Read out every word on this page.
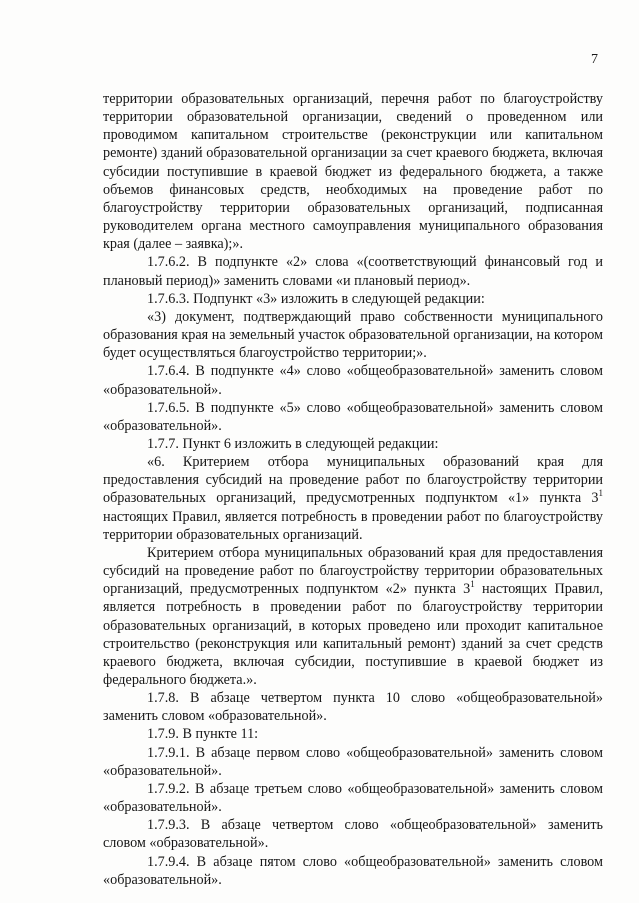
7

территории образовательных организаций, перечня работ по благоустройству территории образовательной организации, сведений о проведенном или проводимом капитальном строительстве (реконструкции или капитальном ремонте) зданий образовательной организации за счет краевого бюджета, включая субсидии поступившие в краевой бюджет из федерального бюджета, а также объемов финансовых средств, необходимых на проведение работ по благоустройству территории образовательных организаций, подписанная руководителем органа местного самоуправления муниципального образования края (далее – заявка);».

1.7.6.2. В подпункте «2» слова «(соответствующий финансовый год и плановый период)» заменить словами «и плановый период».

1.7.6.3. Подпункт «3» изложить в следующей редакции:

«3) документ, подтверждающий право собственности муниципального образования края на земельный участок образовательной организации, на котором будет осуществляться благоустройство территории;».

1.7.6.4. В подпункте «4» слово «общеобразовательной» заменить словом «образовательной».

1.7.6.5. В подпункте «5» слово «общеобразовательной» заменить словом «образовательной».

1.7.7. Пункт 6 изложить в следующей редакции:

«6. Критерием отбора муниципальных образований края для предоставления субсидий на проведение работ по благоустройству территории образовательных организаций, предусмотренных подпунктом «1» пункта $3^1$ настоящих Правил, является потребность в проведении работ по благоустройству территории образовательных организаций.

Критерием отбора муниципальных образований края для предоставления субсидий на проведение работ по благоустройству территории образовательных организаций, предусмотренных подпунктом «2» пункта $3^1$ настоящих Правил, является потребность в проведении работ по благоустройству территории образовательных организаций, в которых проведено или проходит капитальное строительство (реконструкция или капитальный ремонт) зданий за счет средств краевого бюджета, включая субсидии, поступившие в краевой бюджет из федерального бюджета.».

1.7.8. В абзаце четвертом пункта 10 слово «общеобразовательной» заменить словом «образовательной».

1.7.9. В пункте 11:

1.7.9.1. В абзаце первом слово «общеобразовательной» заменить словом «образовательной».

1.7.9.2. В абзаце третьем слово «общеобразовательной» заменить словом «образовательной».

1.7.9.3. В абзаце четвертом слово «общеобразовательной» заменить словом «образовательной».

1.7.9.4. В абзаце пятом слово «общеобразовательной» заменить словом «образовательной».
